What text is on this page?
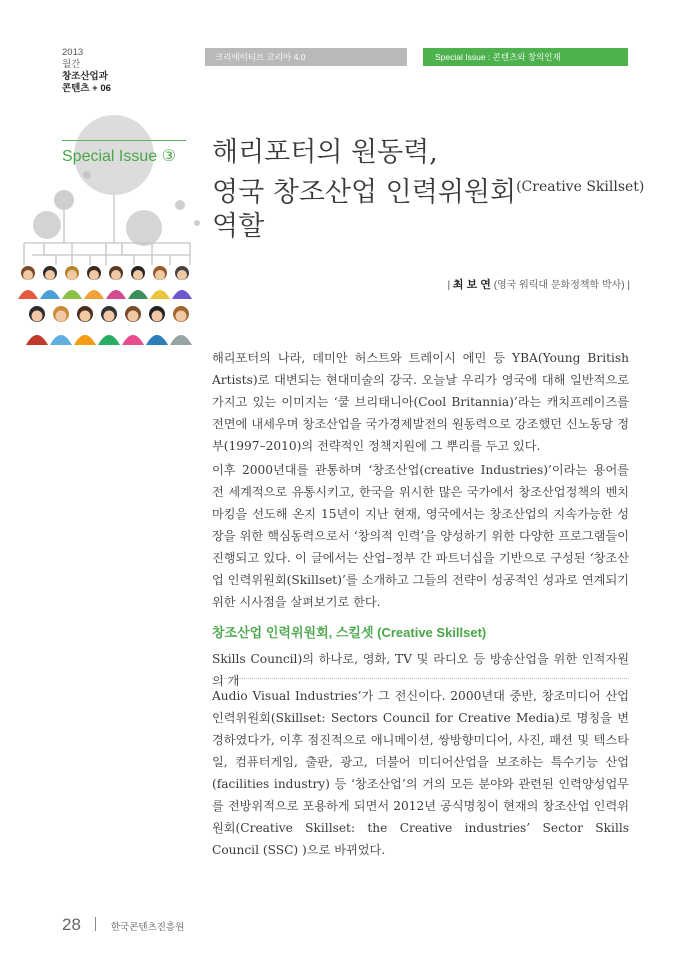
2013
월간
창조산업과
콘텐츠 + 06
크리에이티브 코리아 4.0	Special Issue : 콘텐츠와 창의인재
Special Issue ③ 해리포터의 원동력,
영국 창조산업 인력위원회$^{(Creative Skillset)}$
역할
| 최 보 연 (영국 워릭대 문화정책학 박사) |

해리포터의 나라, 데미안 허스트와 트레이시 에민 등 YBA(Young British Artists)로 대변되는 현대미술의 강국. 오늘날 우리가 영국에 대해 일반적으로 가지고 있는 이미지는 ‘쿨 브리태니아(Cool Britannia)’라는 캐치프레이즈를 전면에 내세우며 창조산업을 국가경제발전의 원동력으로 강조했던 신노동당 정부(1997–2010)의 전략적인 정책지원에 그 뿌리를 두고 있다.

이후 2000년대를 관통하며 ‘창조산업(creative Industries)’이라는 용어를 전 세계적으로 유통시키고, 한국을 위시한 많은 국가에서 창조산업정책의 벤치마킹을 선도해 온지 15년이 지난 현재, 영국에서는 창조산업의 지속가능한 성장을 위한 핵심동력으로서 ‘창의적 인력’을 양성하기 위한 다양한 프로그램들이 진행되고 있다. 이 글에서는 산업–정부 간 파트너십을 기반으로 구성된 ‘창조산업 인력위원회(Skillset)’를 소개하고 그들의 전략이 성공적인 성과로 연계되기 위한 시사점을 살펴보기로 한다.

창조산업 인력위원회, 스킬셋 (Creative Skillset)

Skills Council)의 하나로, 영화, TV 및 라디오 등 방송산업을 위한 인적자원의 개

Audio Visual Industries’가 그 전신이다. 2000년대 중반, 창조미디어 산업 인력위원회(Skillset: Sectors Council for Creative Media)로 명칭을 변경하였다가, 이후 점진적으로 애니메이션, 쌍방향미디어, 사진, 패션 및 텍스타일, 컴퓨터게임, 출판, 광고, 더불어 미디어산업을 보조하는 특수기능 산업 (facilities industry) 등 ‘창조산업’의 거의 모든 분야와 관련된 인력양성업무를 전방위적으로 포용하게 되면서 2012년 공식명칭이 현재의 창조산업 인력위원회(Creative Skillset: the Creative industries’ Sector Skills Council (SSC) )으로 바뀌었다.

28	한국콘텐츠진흥원
